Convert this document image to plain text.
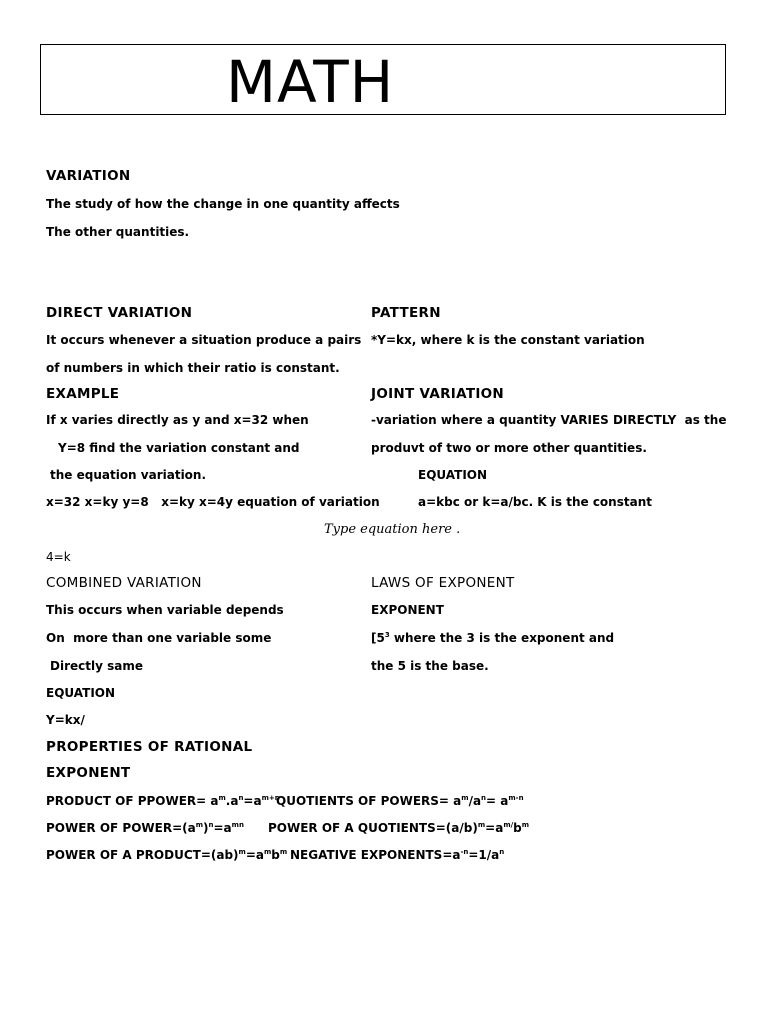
MATH
VARIATION
The study of how the change in one quantity affects
The other quantities.
DIRECT VARIATION
It occurs whenever a situation produce a pairs
of numbers in which their ratio is constant.
PATTERN
*Y=kx, where k is the constant variation
EXAMPLE
If x varies directly as y and x=32 when
Y=8 find the variation constant and
the equation variation.
x=32 x=ky y=8   x=ky x=4y equation of variation
JOINT VARIATION
-variation where a quantity VARIES DIRECTLY  as the
produvt of two or more other quantities.
EQUATION
a=kbc or k=a/bc. K is the constant
Type equation here .
4=k
COMBINED VARIATION
This occurs when variable depends
On  more than one variable some
Directly same
EQUATION
Y=kx/
LAWS OF EXPONENT
EXPONENT
[$5^3$ where the 3 is the exponent and
the 5 is the base.
PROPERTIES OF RATIONAL
EXPONENT
PRODUCT OF PPOWER= $a^m.a^n=a^{m+n}$
QUOTIENTS OF POWERS= $a^m/a^n= a^{m-n}$
POWER OF $POWER=(a^m)^n=a^{mn}$ POWER OF A $QUOTIENTS=(a/b)^m=a^{m/}b^m$
POWER OF A $PRODUCT=(ab)^m=a^mb^m$ NEGATIVE $EXPONENTS=a^{-n}=1/a^n$
